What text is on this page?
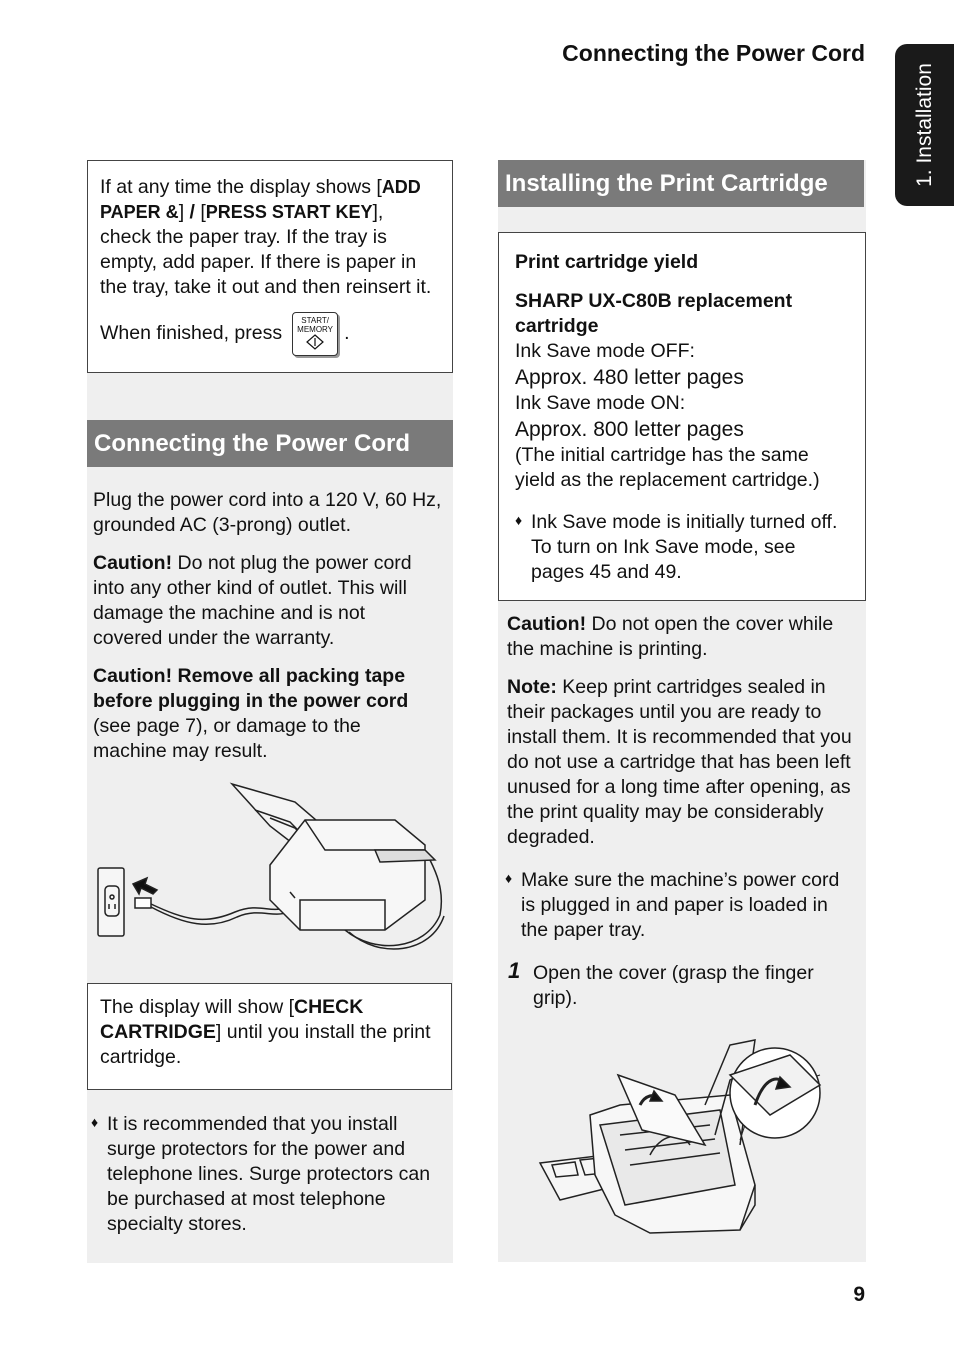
Connecting the Power Cord
1. Installation

If at any time the display shows [ADD

PAPER &] / [PRESS START KEY],

check the paper tray. If the tray is

empty, add paper. If there is paper in

the tray, take it out and then reinsert it.

When finished, press
START/
MEMORY .

Connecting the Power Cord

Plug the power cord into a 120 V, 60 Hz,

grounded AC (3-prong) outlet.

Caution! Do not plug the power cord

into any other kind of outlet. This will

damage the machine and is not

covered under the warranty.

Caution! Remove all packing tape

before plugging in the power cord

(see page 7), or damage to the

machine may result.

The display will show [CHECK

CARTRIDGE] until you install the print

cartridge.

♦ It is recommended that you install

surge protectors for the power and

telephone lines. Surge protectors can

be purchased at most telephone

specialty stores.

Installing the Print Cartridge

Print cartridge yield

SHARP UX-C80B replacement

cartridge

Ink Save mode OFF:

Approx. 480 letter pages

Ink Save mode ON:

Approx. 800 letter pages

(The initial cartridge has the same

yield as the replacement cartridge.)

♦ Ink Save mode is initially turned off.

To turn on Ink Save mode, see

pages 45 and 49.

Caution! Do not open the cover while

the machine is printing.

Note: Keep print cartridges sealed in

their packages until you are ready to

install them. It is recommended that you

do not use a cartridge that has been left

unused for a long time after opening, as

the print quality may be considerably

degraded.

♦ Make sure the machine’s power cord

is plugged in and paper is loaded in

the paper tray.

1 Open the cover (grasp the finger

grip).

9
